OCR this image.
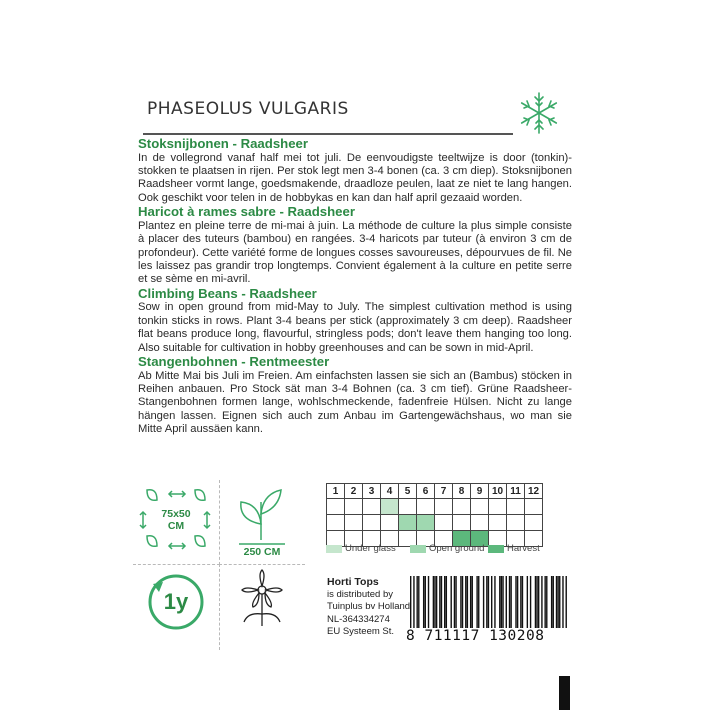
PHASEOLUS VULGARIS
Stoksnijbonen - Raadsheer

In de vollegrond vanaf half mei tot juli. De eenvoudigste teeltwijze is door (tonkin)-stokken te plaatsen in rijen. Per stok legt men 3-4 bonen (ca. 3 cm diep). Stoksnijbonen Raadsheer vormt lange, goedsmakende, draadloze peulen, laat ze niet te lang hangen. Ook geschikt voor telen in de hobbykas en kan dan half april gezaaid worden.

Haricot à rames sabre - Raadsheer

Plantez en pleine terre de mi-mai à juin. La méthode de culture la plus simple consiste à placer des tuteurs (bambou) en rangées. 3-4 haricots par tuteur (à environ 3 cm de profondeur). Cette variété forme de longues cosses savoureuses, dépourvues de fil. Ne les laissez pas grandir trop longtemps. Convient également à la culture en petite serre et se sème en mi-avril.

Climbing Beans - Raadsheer

Sow in open ground from mid-May to July. The simplest cultivation method is using tonkin sticks in rows. Plant 3-4 beans per stick (approximately 3 cm deep). Raadsheer flat beans produce long, flavourful, stringless pods; don't leave them hanging too long. Also suitable for cultivation in hobby greenhouses and can be sown in mid-April.

Stangenbohnen - Rentmeester

Ab Mitte Mai bis Juli im Freien. Am einfachsten lassen sie sich an (Bambus) stöcken in Reihen anbauen. Pro Stock sät man 3-4 Bohnen (ca. 3 cm tief). Grüne Raadsheer-Stangenbohnen formen lange, wohlschmeckende, fadenfreie Hülsen. Nicht zu lange hängen lassen. Eignen sich auch zum Anbau im Gartengewächshaus, wo man sie Mitte April aussäen kann.

75x50 CM
250 CM
1y
1	2	3	4	5	6	7	8	9	10	11	12

Under glass	Open ground Harvest
Horti Tops
is distributed by
Tuinplus bv Holland
NL-364334274
EU Systeem St. 8 711117 130208
